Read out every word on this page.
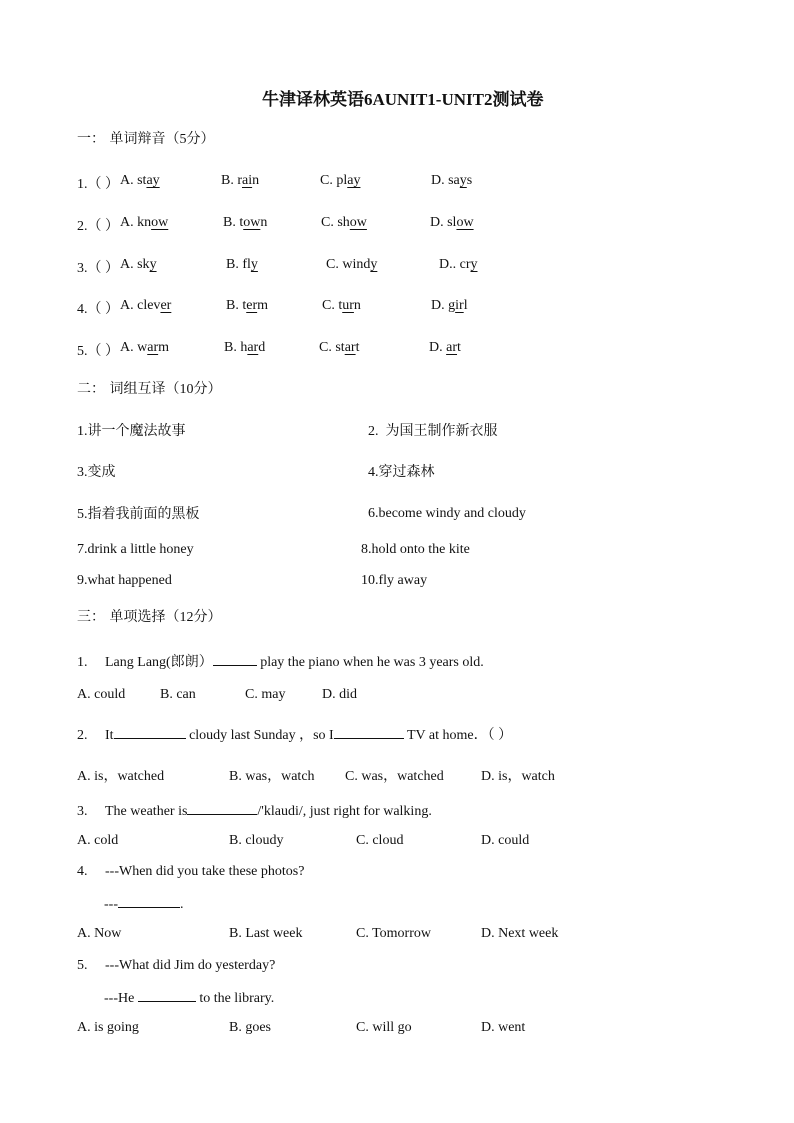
牛津译林英语6AUNIT1-UNIT2测试卷
一： 单词辩音（5分）
1.（ ） A. stay	B. rain	C. play	D. says
2.（ ） A. know	B. town	C. show	D. slow
3.（ ） A. sky	B. fly	C. windy	D.. cry
4.（ ） A. clever	B. term	C. turn	D. girl
5.（ ） A. warm	B. hard	C. start	D. art
二： 词组互译（10分）
1.讲一个魔法故事	2. 为国王制作新衣服
3.变成	4.穿过森林
5.指着我前面的黑板	6.become windy and cloudy
7.drink a little honey	8.hold onto the kite
9.what happened	10.fly away
三： 单项选择（12分）
1. Lang Lang(郎朗）	play the piano when he was 3 years old.
A. could B. can	C. may	D. did
2. It	cloudy last Sunday ，so I	TV at home．（ ）
A. is，watched	B. was，watch C. was，watched	D. is，watch
3. The weather is	/'klaudi/, just right for walking.
A. cold	B. cloudy	C. cloud	D. could
4. ---When did you take these photos?
---	.
A. Now	B. Last week	C. Tomorrow	D. Next week
5. ---What did Jim do yesterday?
---He	to the library.
A. is going	B. goes	C. will go	D. went
